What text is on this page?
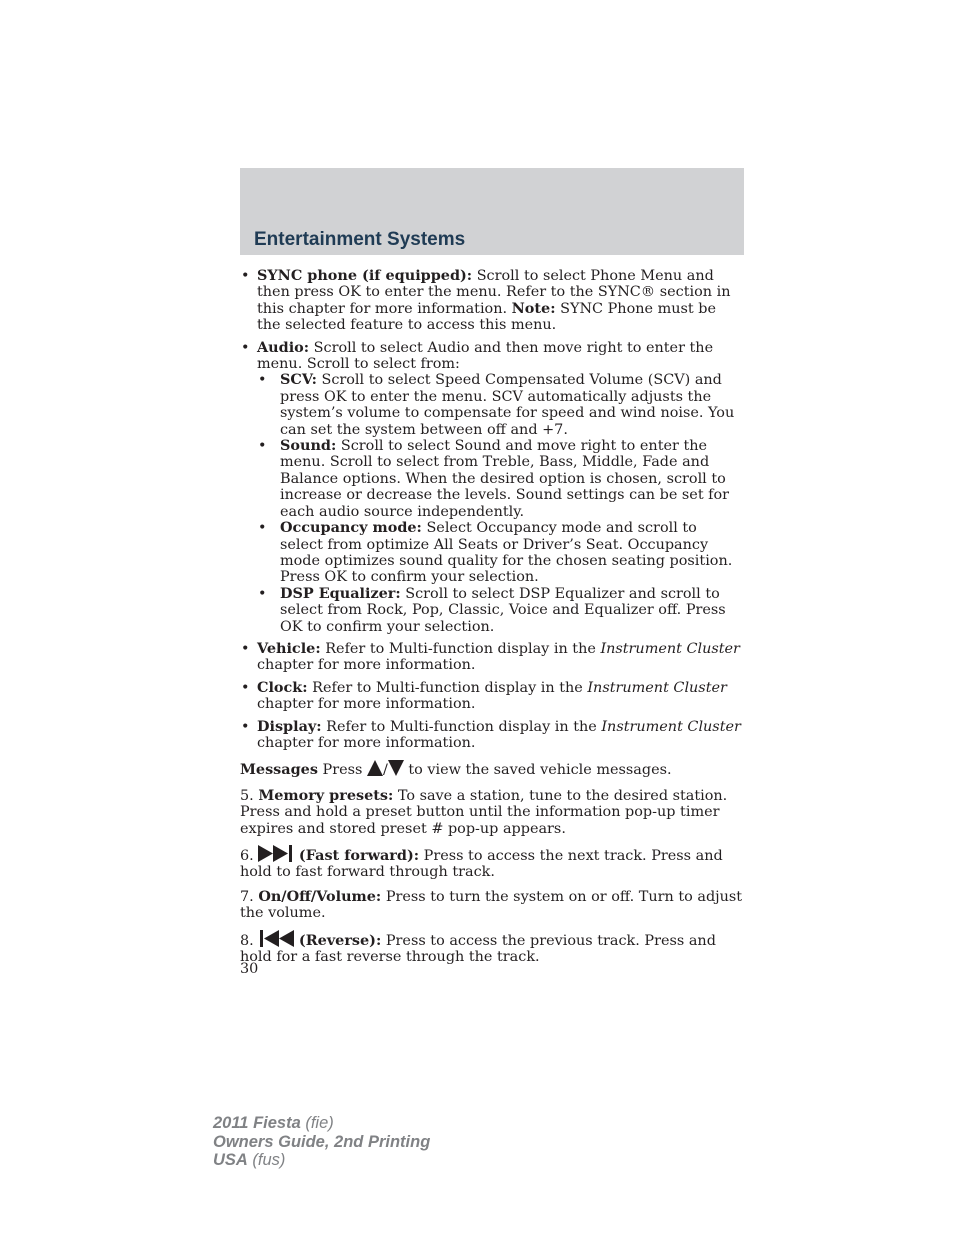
Entertainment Systems
• SYNC phone (if equipped): Scroll to select Phone Menu and then press OK to enter the menu. Refer to the SYNC® section in this chapter for more information. Note: SYNC Phone must be the selected feature to access this menu.
• Audio: Scroll to select Audio and then move right to enter the menu. Scroll to select from:
• SCV: Scroll to select Speed Compensated Volume (SCV) and press OK to enter the menu. SCV automatically adjusts the system’s volume to compensate for speed and wind noise. You can set the system between off and +7.
• Sound: Scroll to select Sound and move right to enter the menu. Scroll to select from Treble, Bass, Middle, Fade and Balance options. When the desired option is chosen, scroll to increase or decrease the levels. Sound settings can be set for each audio source independently.
• Occupancy mode: Select Occupancy mode and scroll to select from optimize All Seats or Driver’s Seat. Occupancy mode optimizes sound quality for the chosen seating position. Press OK to confirm your selection.
• DSP Equalizer: Scroll to select DSP Equalizer and scroll to select from Rock, Pop, Classic, Voice and Equalizer off. Press OK to confirm your selection.
• Vehicle: Refer to Multi-function display in the Instrument Cluster chapter for more information.
• Clock: Refer to Multi-function display in the Instrument Cluster chapter for more information.
• Display: Refer to Multi-function display in the Instrument Cluster chapter for more information.

Messages Press / to view the saved vehicle messages.

5. Memory presets: To save a station, tune to the desired station. Press and hold a preset button until the information pop-up timer expires and stored preset # pop-up appears.

6.	(Fast forward): Press to access the next track. Press and hold to fast forward through track.

7. On/Off/Volume: Press to turn the system on or off. Turn to adjust the volume.

8.	(Reverse): Press to access the previous track. Press and hold for a fast reverse through the track.

30
2011 Fiesta (fie)
Owners Guide, 2nd Printing
USA (fus)
